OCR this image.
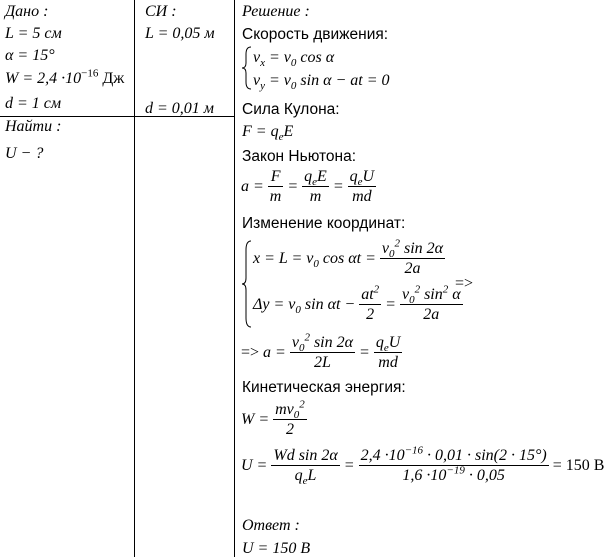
Дано :
L = 5 см
α = 15°
$W = 2,4 \cdot 10^{-16}$ Дж
d = 1 см
Найти :
U − ?
СИ :
L = 0,05 м
d = 0,01 м
Решение :
Скорость движения:
$v_x = v_0$ cos α
$v_y = v_0$ sin α − at = 0
Сила Кулона:
$F = q_eE$
Закон Ньютона:
$a = \frac{F}{m} = \frac{q_eE}{m} = \frac{q_eU}{md}$
Изменение координат:
$x = L = v_0$ $\cos \alpha t = \frac{v_0^2 \sin 2\alpha}{2a}$
$\Delta y = v_0$ $\sin \alpha t - \frac{at^2}{2} = \frac{v_0^2 \sin^2 \alpha}{2a}$
=>
=> $a = \frac{v_0^2 \sin 2\alpha}{2L} = \frac{q_eU}{md}$
Кинетическая энергия:
$W = \frac{mv_0^2}{2}$
$U = \frac{\text{Wd sin 2α}}{q_eL} = \frac{2,4 \cdot 10^{-16} \cdot 0,01 \cdot \sin(2 \cdot 15^\circ)}{1,6 \cdot 10^{-19} \cdot 0,05} = 150$ В
Ответ :
U = 150 В
